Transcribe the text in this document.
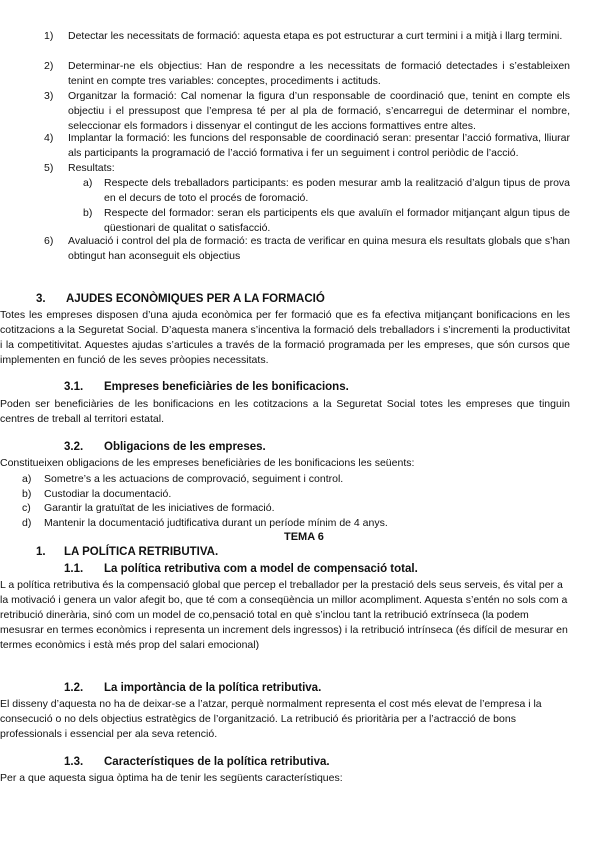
1) Detectar les necessitats de formació: aquesta etapa es pot estructurar a curt termini i a mitjà i llarg termini.
2) Determinar-ne els objectius: Han de respondre a les necessitats de formació detectades i s’estableixen tenint en compte tres variables: conceptes, procediments i actituds.
3) Organitzar la formació: Cal nomenar la figura d’un responsable de coordinació que, tenint en compte els objectiu i el pressupost que l’empresa té per al pla de formació, s’encarregui de determinar el nombre, seleccionar els formadors i dissenyar el contingut de les accions formattives entre altes.
4) Implantar la formació: les funcions del responsable de coordinació seran: presentar l’acció formativa, lliurar als participants la programació de l’acció formativa i fer un seguiment i control periòdic de l’acció.
5) Resultats:
a) Respecte dels treballadors participants: es poden mesurar amb la realització d’algun tipus de prova en el decurs de toto el procés de foromació.
b) Respecte del formador: seran els participents els que avaluïn el formador mitjançant algun tipus de qüestionari de qualitat o satisfacció.
6) Avaluació i control del pla de formació: es tracta de verificar en quina mesura els resultats globals que s’han obtingut han aconseguit els objectius
3. AJUDES ECONÒMIQUES PER A LA FORMACIÓ
Totes les empreses disposen d’una ajuda econòmica per fer formació que es fa efectiva mitjançant bonificacions en les cotitzacions a la Seguretat Social. D’aquesta manera s’incentiva la formació dels treballadors i s’incrementi la productivitat i la competitivitat. Aquestes ajudas s’articules a través de la formació programada per les empreses, que són cursos que implementen en funció de les seves pròopies necessitats.
3.1. Empreses beneficiàries de les bonificacions.
Poden ser beneficiàries de les bonificacions en les cotitzacions a la Seguretat Social totes les empreses que tinguin centres de treball al territori estatal.
3.2. Obligacions de les empreses.
Constitueixen obligacions de les empreses beneficiàries de les bonificacions les seüents:
a) Sometre’s a les actuacions de comprovació, seguiment i control.
b) Custodiar la documentació.
c) Garantir la gratuïtat de les iniciatives de formació.
d) Mantenir la documentació judtificativa durant un període mínim de 4 anys.
TEMA 6
1. LA POLÍTICA RETRIBUTIVA.
1.1. La política retributiva com a model de compensació total.
L a política retributiva és la compensació global que percep el treballador per la prestació dels seus serveis, és vital per a la motivació i genera un valor afegit bo, que té com a conseqüència un millor acompliment. Aquesta s’entén no sols com a retribució dinerària, sinó com un model de co,pensació total en què s’inclou tant la retribució extrínseca (la podem mesusrar en termes econòmics i representa un increment dels ingressos) i la retribució intrínseca (és difícil de mesurar en termes econòmics i està més prop del salari emocional)
1.2. La importància de la política retributiva.
El disseny d’aquesta no ha de deixar-se a l’atzar, perquè normalment representa el cost més elevat de l’empresa i la consecució o no dels objectius estratègics de l’organització. La retribució és prioritària per a l’actracció de bons professionals i essencial per ala seva retenció.
1.3. Característiques de la política retributiva.
Per a que aquesta sigua òptima ha de tenir les següents característiques:
